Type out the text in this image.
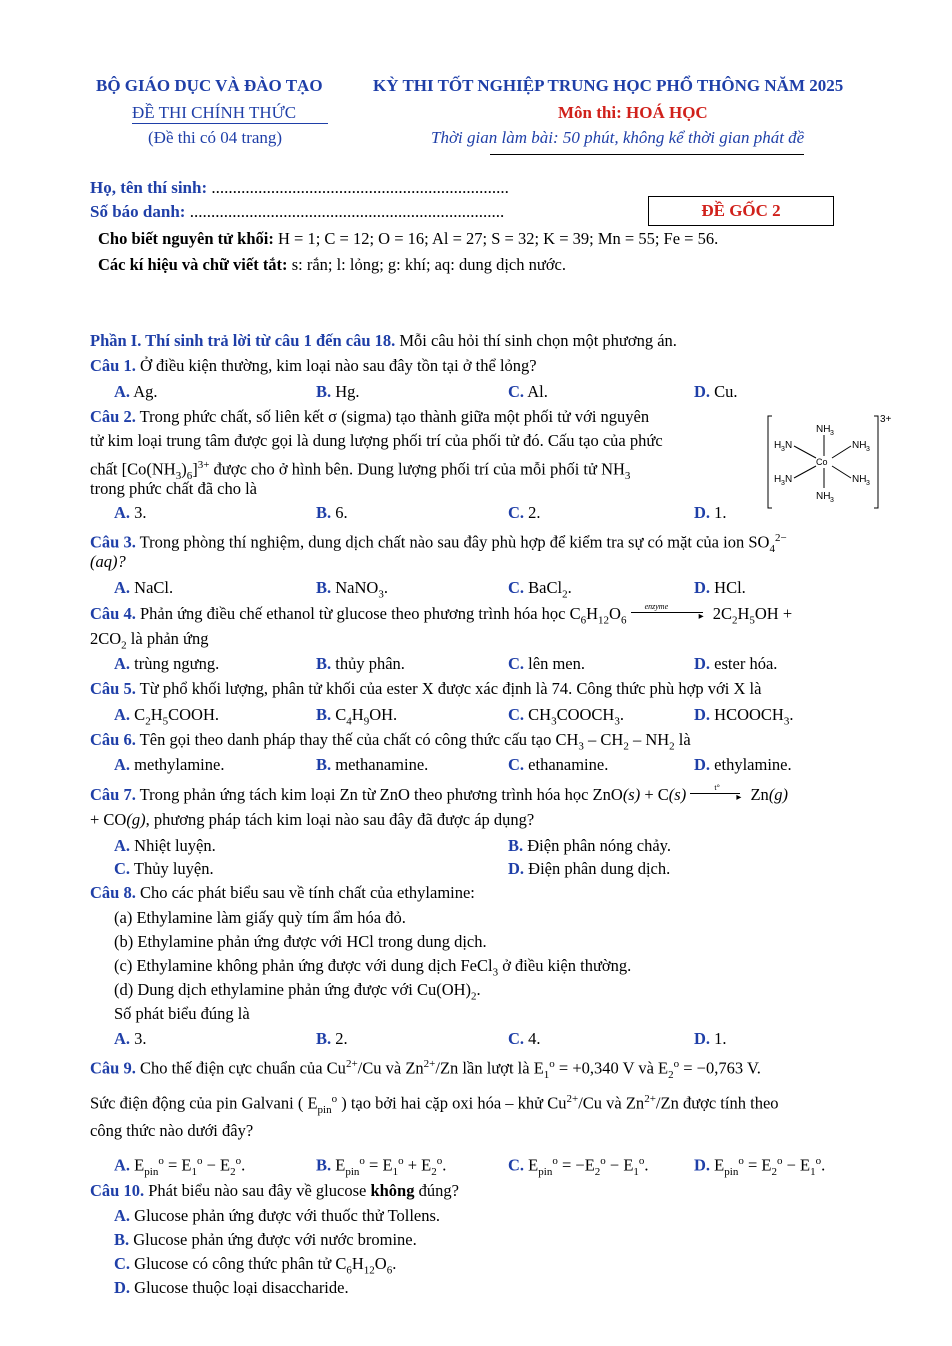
BỘ GIÁO DỤC VÀ ĐÀO TẠO	KỲ THI TỐT NGHIỆP TRUNG HỌC PHỔ THÔNG NĂM 2025
ĐỀ THI CHÍNH THỨC	Môn thi: HOÁ HỌC
(Đề thi có 04 trang)	Thời gian làm bài: 50 phút, không kể thời gian phát đề
Họ, tên thí sinh: ......................................................................
Số báo danh: ..........................................................................	ĐỀ GỐC 2
Cho biết nguyên tử khối: H = 1; C = 12; O = 16; Al = 27; S = 32; K = 39; Mn = 55; Fe = 56.
Các kí hiệu và chữ viết tắt: s: rắn; l: lỏng; g: khí; aq: dung dịch nước.
Phần I. Thí sinh trả lời từ câu 1 đến câu 18. Mỗi câu hỏi thí sinh chọn một phương án.
Câu 1. Ở điều kiện thường, kim loại nào sau đây tồn tại ở thể lỏng?
A. Ag.	B. Hg.	C. Al.	D. Cu.
Câu 2. Trong phức chất, số liên kết σ (sigma) tạo thành giữa một phối tử với nguyên
tử kim loại trung tâm được gọi là dung lượng phối trí của phối tử đó. Cấu tạo của phức
chất $[Co(NH_3)_6]^{3+}$ được cho ở hình bên. Dung lượng phối trí của mỗi phối tử $NH_3$
trong phức chất đã cho là
A. 3.	B. 6.	C. 2.	D. 1.
3+
NH 3
Co
NH 3
H 3 N	NH 3
H 3 N	NH 3
Câu 3. Trong phòng thí nghiệm, dung dịch chất nào sau đây phù hợp để kiểm tra sự có mặt của ion $SO_4^{2-}$
(aq)?
A. NaCl.	B. NaNO$_3$.	C. BaCl$_2$.	D. HCl.
Câu 4. Phản ứng điều chế ethanol từ glucose theo phương trình hóa học $C_6H_{12}O_6$
enzyme
▸ $2C_2H_5OH$ +
$2CO_2$ là phản ứng
A. trùng ngưng.	B. thủy phân.	C. lên men.	D. ester hóa.
Câu 5. Từ phổ khối lượng, phân tử khối của ester X được xác định là 74. Công thức phù hợp với X là
A. $C_2H_5COOH$.	B. $C_4H_9OH$.	C. $CH_3COOCH_3$.	D. $HCOOCH_3$.
Câu 6. Tên gọi theo danh pháp thay thế của chất có công thức cấu tạo $CH_3 - CH_2 - NH_2$ là
A. methylamine.	B. methanamine.	C. ethanamine.	D. ethylamine.
Câu 7. Trong phản ứng tách kim loại Zn từ ZnO theo phương trình hóa học ZnO(s) + C(s)	t°
▸ Zn(g)
+ CO(g), phương pháp tách kim loại nào sau đây đã được áp dụng?
A. Nhiệt luyện.	B. Điện phân nóng chảy.
C. Thủy luyện.	D. Điện phân dung dịch.
Câu 8. Cho các phát biểu sau về tính chất của ethylamine:
(a) Ethylamine làm giấy quỳ tím ẩm hóa đỏ.
(b) Ethylamine phản ứng được với HCl trong dung dịch.
(c) Ethylamine không phản ứng được với dung dịch FeCl$_3$ ở điều kiện thường.
(d) Dung dịch ethylamine phản ứng được với $Cu(OH)_2$.
Số phát biểu đúng là
A. 3.	B. 2.	C. 4.	D. 1.
Câu 9. Cho thế điện cực chuẩn của $Cu^{2+}/Cu$ và $Zn^{2+}/Zn$ lần lượt là $E_1^o = +0,340$ V và $E_2^o = -0,763$ V.
Sức điện động của pin Galvani ( $E_{pin}^o$ ) tạo bởi hai cặp oxi hóa – khử $Cu^{2+}/Cu$ và $Zn^{2+}/Zn$ được tính theo
công thức nào dưới đây?
A. $E_{pin}^o = E_1^o - E_2^o$.	B. $E_{pin}^o = E_1^o + E_2^o$.	C. $E_{pin}^o = -E_2^o - E_1^o$.	D. $E_{pin}^o = E_2^o - E_1^o$.
Câu 10. Phát biểu nào sau đây về glucose không đúng?
A. Glucose phản ứng được với thuốc thử Tollens.
B. Glucose phản ứng được với nước bromine.
C. Glucose có công thức phân tử $C_6H_{12}O_6$.
D. Glucose thuộc loại disaccharide.
